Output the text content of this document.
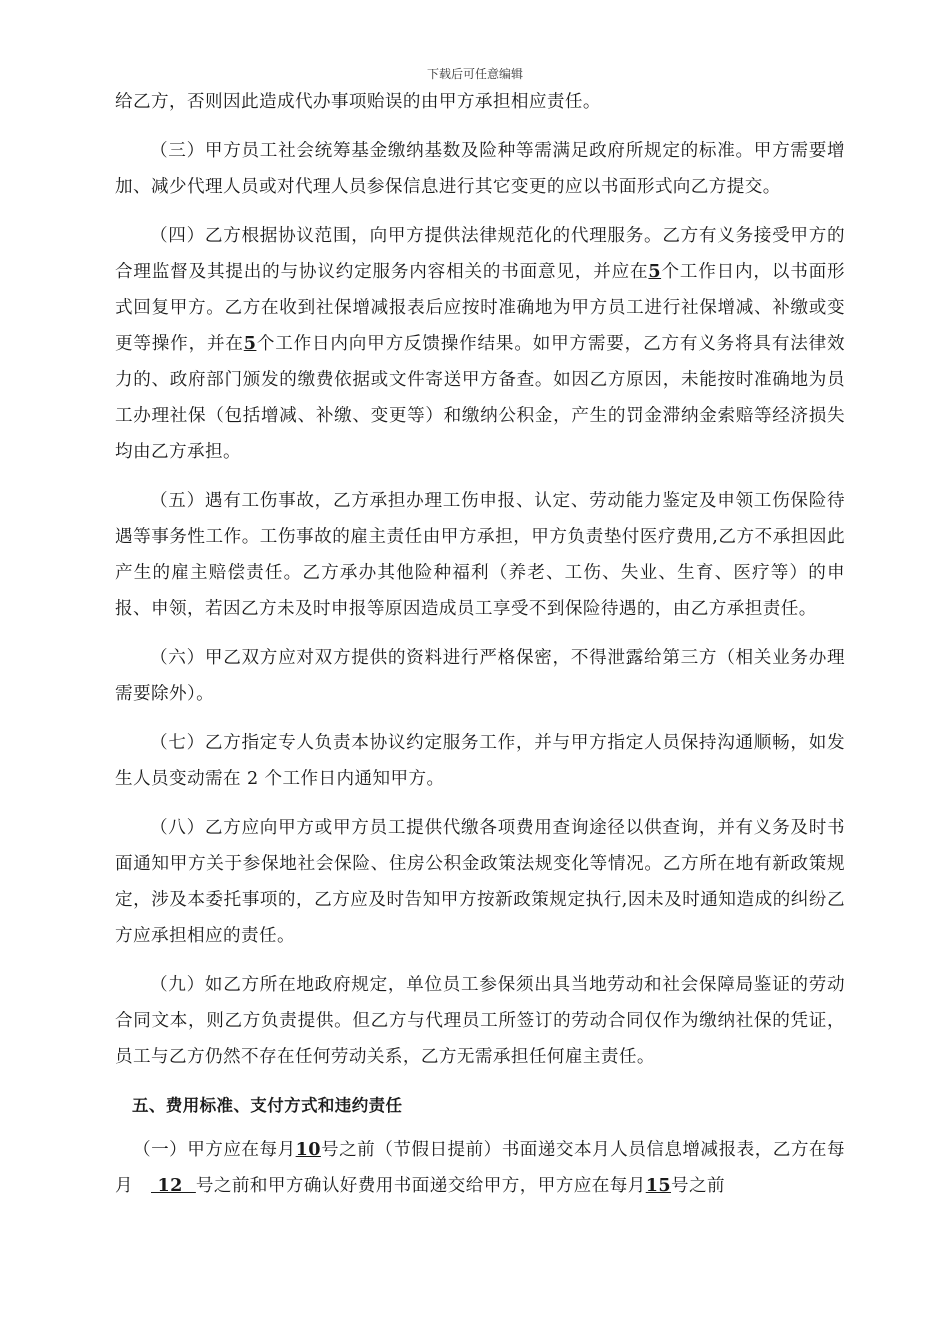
下载后可任意编辑

给乙方，否则因此造成代办事项贻误的由甲方承担相应责任。

（三）甲方员工社会统筹基金缴纳基数及险种等需满足政府所规定的标准。甲方需要增加、减少代理人员或对代理人员参保信息进行其它变更的应以书面形式向乙方提交。

（四）乙方根据协议范围，向甲方提供法律规范化的代理服务。乙方有义务接受甲方的合理监督及其提出的与协议约定服务内容相关的书面意见，并应在5个工作日内，以书面形式回复甲方。乙方在收到社保增减报表后应按时准确地为甲方员工进行社保增减、补缴或变更等操作，并在5个工作日内向甲方反馈操作结果。如甲方需要，乙方有义务将具有法律效力的、政府部门颁发的缴费依据或文件寄送甲方备查。如因乙方原因，未能按时准确地为员工办理社保（包括增减、补缴、变更等）和缴纳公积金，产生的罚金滞纳金索赔等经济损失均由乙方承担。

（五）遇有工伤事故，乙方承担办理工伤申报、认定、劳动能力鉴定及申领工伤保险待遇等事务性工作。工伤事故的雇主责任由甲方承担，甲方负责垫付医疗费用,乙方不承担因此产生的雇主赔偿责任。乙方承办其他险种福利（养老、工伤、失业、生育、医疗等）的申报、申领，若因乙方未及时申报等原因造成员工享受不到保险待遇的，由乙方承担责任。

（六）甲乙双方应对双方提供的资料进行严格保密，不得泄露给第三方（相关业务办理需要除外）。

（七）乙方指定专人负责本协议约定服务工作，并与甲方指定人员保持沟通顺畅，如发生人员变动需在 2 个工作日内通知甲方。

（八）乙方应向甲方或甲方员工提供代缴各项费用查询途径以供查询，并有义务及时书面通知甲方关于参保地社会保险、住房公积金政策法规变化等情况。乙方所在地有新政策规定，涉及本委托事项的，乙方应及时告知甲方按新政策规定执行,因未及时通知造成的纠纷乙方应承担相应的责任。

（九）如乙方所在地政府规定，单位员工参保须出具当地劳动和社会保障局鉴证的劳动合同文本，则乙方负责提供。但乙方与代理员工所签订的劳动合同仅作为缴纳社保的凭证，员工与乙方仍然不存在任何劳动关系，乙方无需承担任何雇主责任。

五、费用标准、支付方式和违约责任

（一）甲方应在每月10号之前（节假日提前）书面递交本月人员信息增减报表，乙方在每月 12  号之前和甲方确认好费用书面递交给甲方，甲方应在每月15号之前
